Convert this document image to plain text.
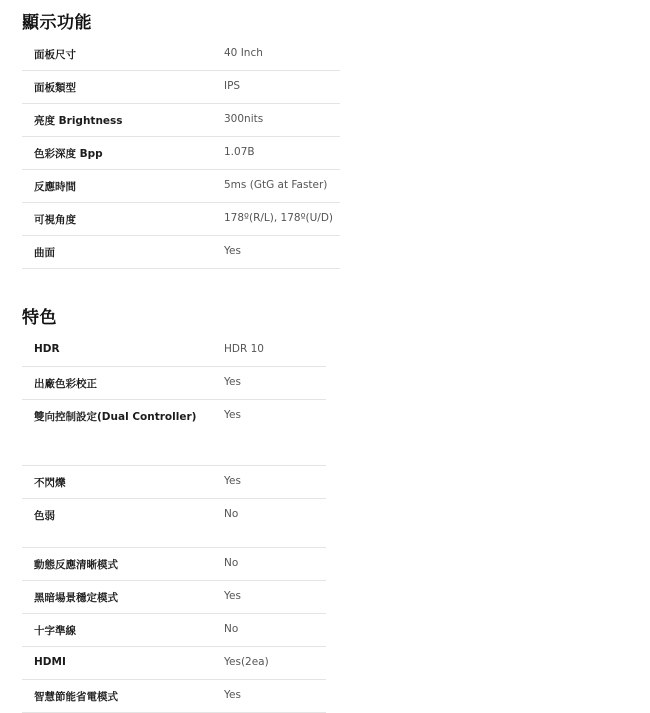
顯示功能
面板尺寸	40 Inch
面板類型	IPS
亮度 Brightness	300nits
色彩深度 Bpp	1.07B
反應時間	5ms (GtG at Faster)
可視角度	178º(R/L), 178º(U/D)
曲面	Yes
特色
HDR	HDR 10
出廠色彩校正	Yes
雙向控制設定(Dual Controller)	Yes
不閃爍	Yes
色弱	No
動態反應清晰模式	No
黑暗場景穩定模式	Yes
十字準線	No
HDMI	Yes(2ea)
智慧節能省電模式	Yes
